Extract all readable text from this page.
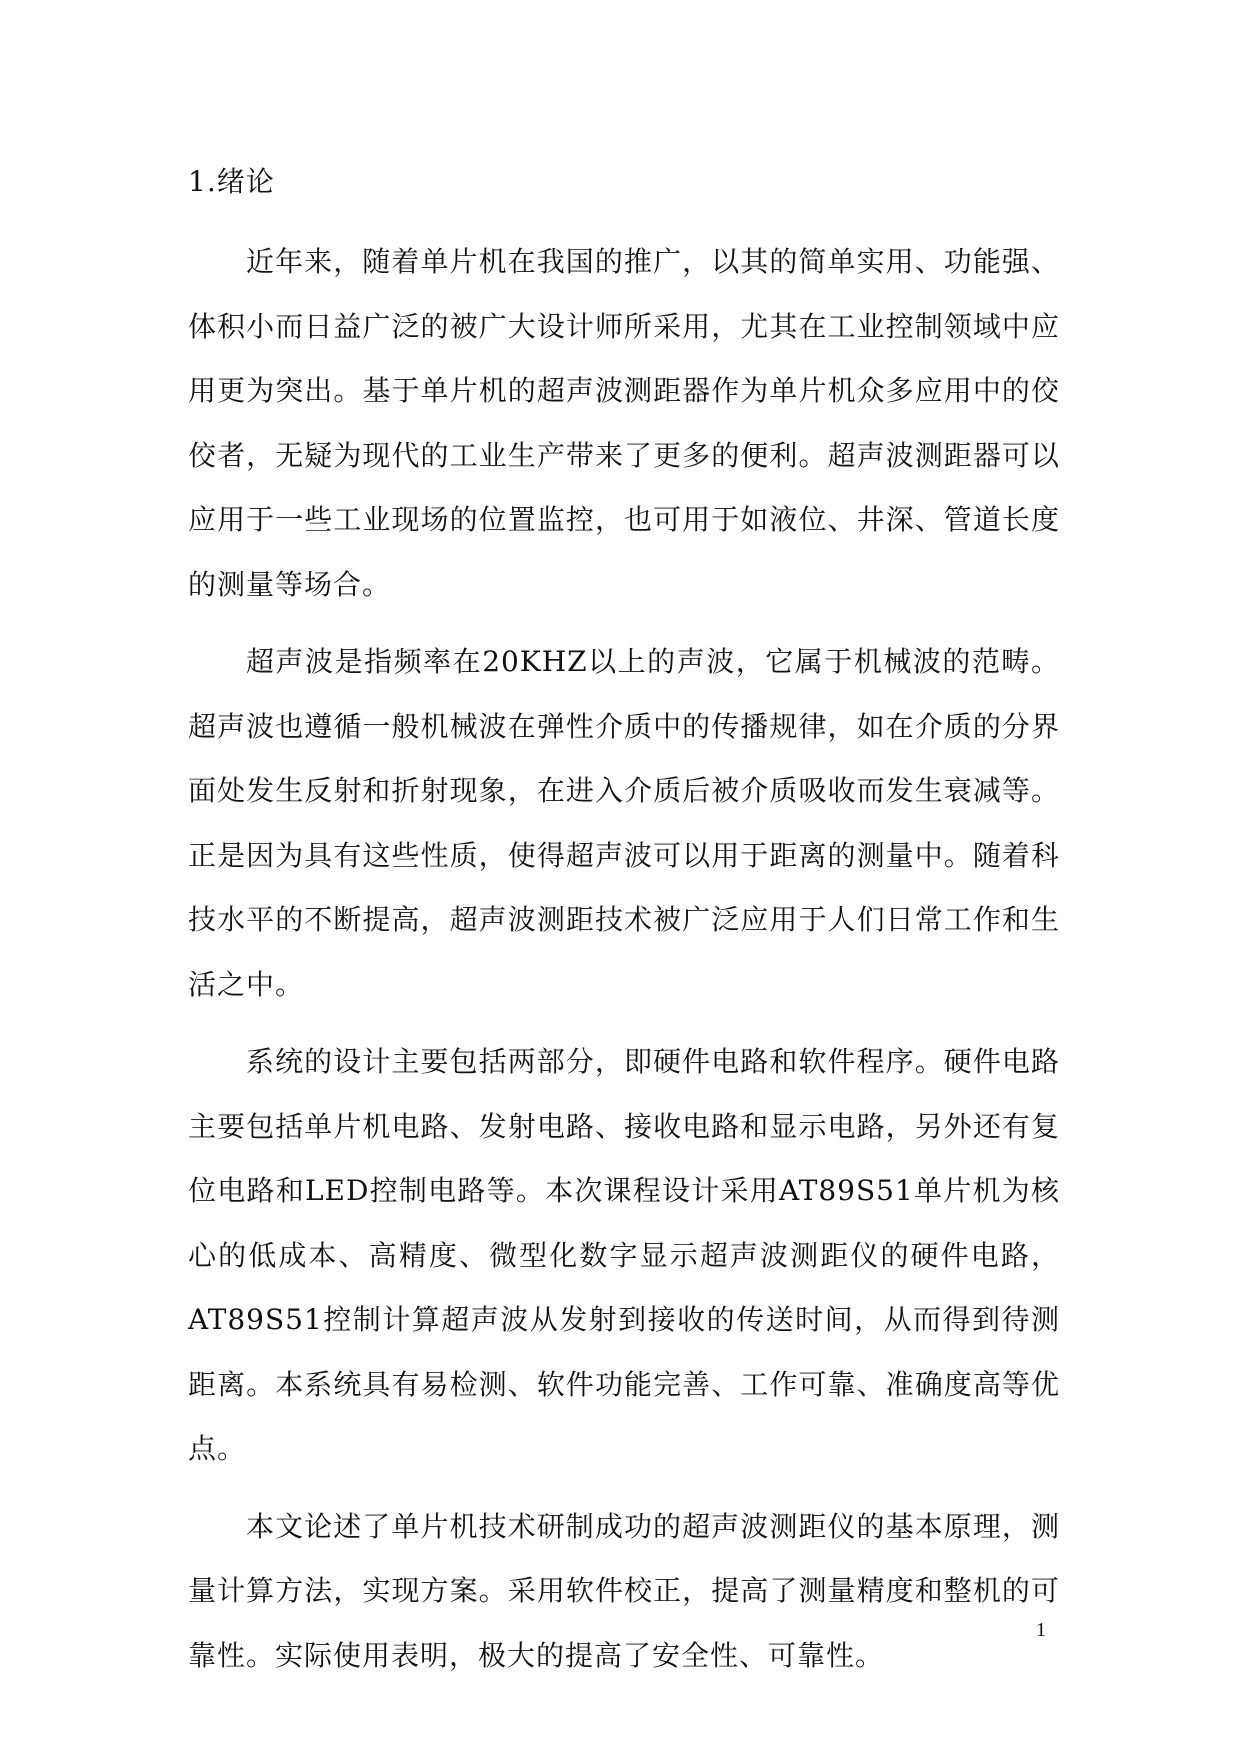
1.绪论

近年来，随着单片机在我国的推广，以其的简单实用、功能强、体积小而日益广泛的被广大设计师所采用，尤其在工业控制领域中应用更为突出。基于单片机的超声波测距器作为单片机众多应用中的佼佼者，无疑为现代的工业生产带来了更多的便利。超声波测距器可以应用于一些工业现场的位置监控，也可用于如液位、井深、管道长度的测量等场合。

超声波是指频率在20KHZ以上的声波，它属于机械波的范畴。超声波也遵循一般机械波在弹性介质中的传播规律，如在介质的分界面处发生反射和折射现象，在进入介质后被介质吸收而发生衰减等。正是因为具有这些性质，使得超声波可以用于距离的测量中。随着科技水平的不断提高，超声波测距技术被广泛应用于人们日常工作和生活之中。

系统的设计主要包括两部分，即硬件电路和软件程序。硬件电路主要包括单片机电路、发射电路、接收电路和显示电路，另外还有复位电路和LED控制电路等。本次课程设计采用AT89S51单片机为核心的低成本、高精度、微型化数字显示超声波测距仪的硬件电路，AT89S51控制计算超声波从发射到接收的传送时间，从而得到待测距离。本系统具有易检测、软件功能完善、工作可靠、准确度高等优点。

本文论述了单片机技术研制成功的超声波测距仪的基本原理，测量计算方法，实现方案。采用软件校正，提高了测量精度和整机的可靠性。实际使用表明，极大的提高了安全性、可靠性。

1
